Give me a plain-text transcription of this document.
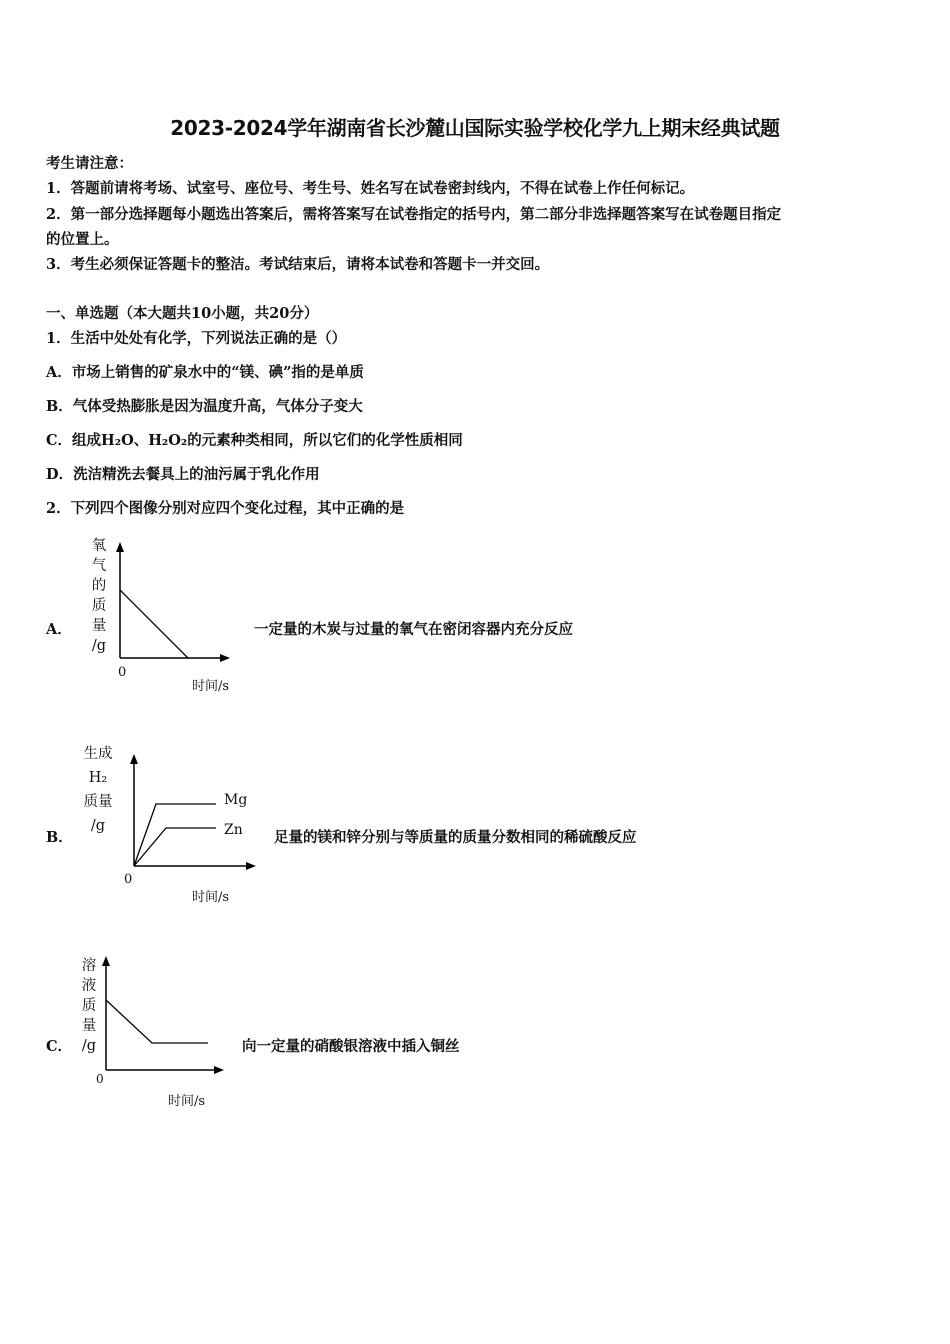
2023-2024学年湖南省长沙麓山国际实验学校化学九上期末经典试题
考生请注意：
1．答题前请将考场、试室号、座位号、考生号、姓名写在试卷密封线内，不得在试卷上作任何标记。
2．第一部分选择题每小题选出答案后，需将答案写在试卷指定的括号内，第二部分非选择题答案写在试卷题目指定
的位置上。
3．考生必须保证答题卡的整洁。考试结束后，请将本试卷和答题卡一并交回。
一、单选题（本大题共10小题，共20分）
1．生活中处处有化学，下列说法正确的是（）
A．市场上销售的矿泉水中的“镁、碘”指的是单质
B．气体受热膨胀是因为温度升高，气体分子变大
C．组成H₂O、H₂O₂的元素种类相同，所以它们的化学性质相同
D．洗洁精洗去餐具上的油污属于乳化作用
2．下列四个图像分别对应四个变化过程，其中正确的是
A．
氧
气
的
质
量
/g
0
时间/s
一定量的木炭与过量的氧气在密闭容器内充分反应
B．
生成
H₂
质量
/g
Mg
Zn
0
时间/s
足量的镁和锌分别与等质量的质量分数相同的稀硫酸反应
C．
溶
液
质
量
/g
0
时间/s
向一定量的硝酸银溶液中插入铜丝
